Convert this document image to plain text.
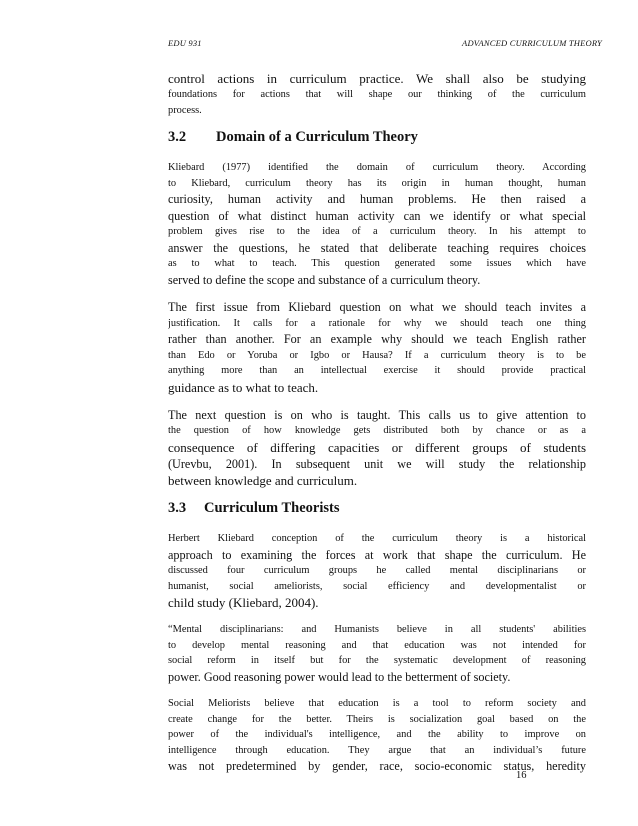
EDU 931	ADVANCED CURRICULUM THEORY
control actions in curriculum practice. We shall also be studying
foundations for actions that will shape our thinking of the curriculum
process.
3.2 Domain of a Curriculum Theory
Kliebard (1977) identified the domain of curriculum theory. According
to Kliebard, curriculum theory has its origin in human thought, human
curiosity, human activity and human problems. He then raised a
question of what distinct human activity can we identify or what special
problem gives rise to the idea of a curriculum theory. In his attempt to
answer the questions, he stated that deliberate teaching requires choices
as to what to teach. This question generated some issues which have
served to define the scope and substance of a curriculum theory.
The first issue from Kliebard question on what we should teach invites a
justification. It calls for a rationale for why we should teach one thing
rather than another. For an example why should we teach English rather
than Edo or Yoruba or Igbo or Hausa? If a curriculum theory is to be
anything more than an intellectual exercise it should provide practical
guidance as to what to teach.
The next question is on who is taught. This calls us to give attention to
the question of how knowledge gets distributed both by chance or as a
consequence of differing capacities or different groups of students
(Urevbu, 2001). In subsequent unit we will study the relationship
between knowledge and curriculum.
3.3 Curriculum Theorists
Herbert Kliebard conception of the curriculum theory is a historical
approach to examining the forces at work that shape the curriculum. He
discussed four curriculum groups he called mental disciplinarians or
humanist, social ameliorists, social efficiency and developmentalist or
child study (Kliebard, 2004).
“Mental disciplinarians: and Humanists believe in all students' abilities
to develop mental reasoning and that education was not intended for
social reform in itself but for the systematic development of reasoning
power. Good reasoning power would lead to the betterment of society.
Social Meliorists believe that education is a tool to reform society and
create change for the better. Theirs is socialization goal based on the
power of the individual's intelligence, and the ability to improve on
intelligence through education. They argue that an individual’s future
was not predetermined by gender, race, socio-economic status, heredity
16
